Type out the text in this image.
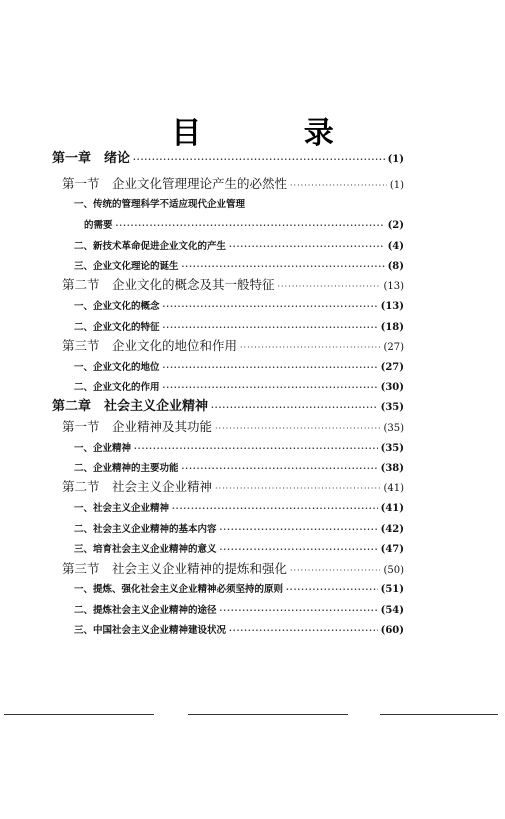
目 录
第一章　绪论 ·····	(1)
第一节　企业文化管理理论产生的必然性 ·····	(1)
一、传统的管理科学不适应现代企业管理
的需要 ·····	(2)
二、新技术革命促进企业文化的产生 ·····	(4)
三、企业文化理论的诞生 ·····	(8)
第二节　企业文化的概念及其一般特征 ·····	(13)
一、企业文化的概念 ·····	(13)
二、企业文化的特征 ·····	(18)
第三节　企业文化的地位和作用 ·····	(27)
一、企业文化的地位 ·····	(27)
二、企业文化的作用 ·····	(30)
第二章　社会主义企业精神 ·····	(35)
第一节　企业精神及其功能 ·····	(35)
一、企业精神 ·····	(35)
二、企业精神的主要功能 ·····	(38)
第二节　社会主义企业精神 ·····	(41)
一、社会主义企业精神 ·····	(41)
二、社会主义企业精神的基本内容 ·····	(42)
三、培育社会主义企业精神的意义 ·····	(47)
第三节　社会主义企业精神的提炼和强化 ·····	(50)
一、提炼、强化社会主义企业精神必须坚持的原则 ·····	(51)
二、提炼社会主义企业精神的途径 ·····	(54)
三、中国社会主义企业精神建设状况 ·····	(60)
